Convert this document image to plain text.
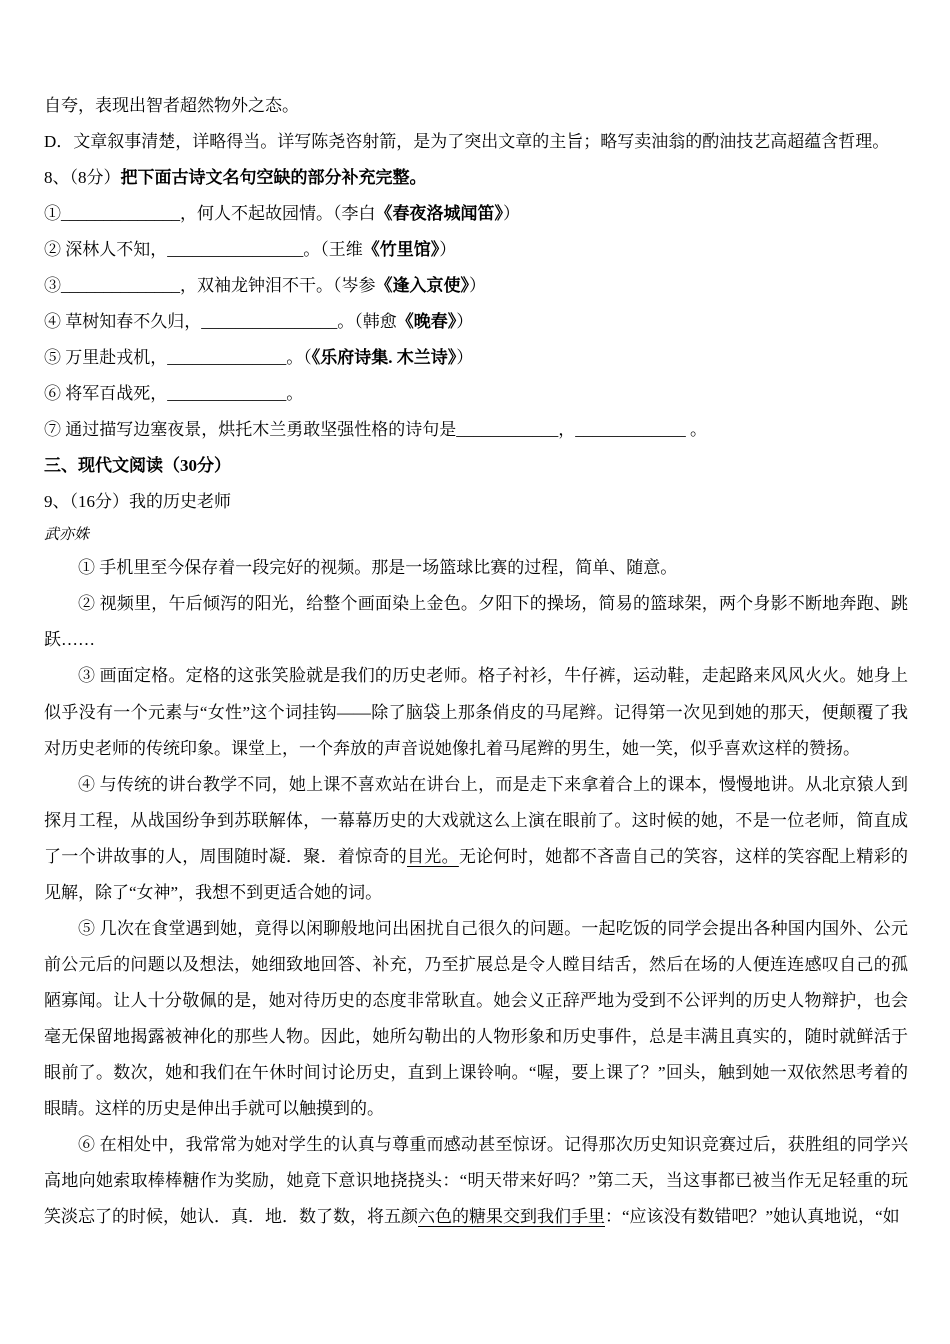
自夸，表现出智者超然物外之态。

D．文章叙事清楚，详略得当。详写陈尧咨射箭，是为了突出文章的主旨；略写卖油翁的酌油技艺高超蕴含哲理。

8、（8分）把下面古诗文名句空缺的部分补充完整。

①______________，何人不起故园情。（李白《春夜洛城闻笛》）

② 深林人不知，________________。（王维《竹里馆》）

③______________，双袖龙钟泪不干。（岑参《逢入京使》）

④ 草树知春不久归，________________。（韩愈《晚春》）

⑤ 万里赴戎机，______________。（《乐府诗集. 木兰诗》）

⑥ 将军百战死，______________。

⑦ 通过描写边塞夜景，烘托木兰勇敢坚强性格的诗句是____________，_____________ 。

三、现代文阅读（30分）

9、（16分）我的历史老师

武亦姝

① 手机里至今保存着一段完好的视频。那是一场篮球比赛的过程，简单、随意。

② 视频里，午后倾泻的阳光，给整个画面染上金色。夕阳下的操场，简易的篮球架，两个身影不断地奔跑、跳跃……

③ 画面定格。定格的这张笑脸就是我们的历史老师。格子衬衫，牛仔裤，运动鞋，走起路来风风火火。她身上似乎没有一个元素与“女性”这个词挂钩——除了脑袋上那条俏皮的马尾辫。记得第一次见到她的那天，便颠覆了我对历史老师的传统印象。课堂上，一个奔放的声音说她像扎着马尾辫的男生，她一笑，似乎喜欢这样的赞扬。

④ 与传统的讲台教学不同，她上课不喜欢站在讲台上，而是走下来拿着合上的课本，慢慢地讲。从北京猿人到探月工程，从战国纷争到苏联解体，一幕幕历史的大戏就这么上演在眼前了。这时候的她，不是一位老师，简直成了一个讲故事的人，周围随时凝．聚．着惊奇的目光。无论何时，她都不吝啬自己的笑容，这样的笑容配上精彩的见解，除了“女神”，我想不到更适合她的词。

⑤ 几次在食堂遇到她，竟得以闲聊般地问出困扰自己很久的问题。一起吃饭的同学会提出各种国内国外、公元前公元后的问题以及想法，她细致地回答、补充，乃至扩展总是令人瞠目结舌，然后在场的人便连连感叹自己的孤陋寡闻。让人十分敬佩的是，她对待历史的态度非常耿直。她会义正辞严地为受到不公评判的历史人物辩护，也会毫无保留地揭露被神化的那些人物。因此，她所勾勒出的人物形象和历史事件，总是丰满且真实的，随时就鲜活于眼前了。数次，她和我们在午休时间讨论历史，直到上课铃响。“喔，要上课了？”回头，触到她一双依然思考着的眼睛。这样的历史是伸出手就可以触摸到的。

⑥ 在相处中，我常常为她对学生的认真与尊重而感动甚至惊讶。记得那次历史知识竞赛过后，获胜组的同学兴高地向她索取棒棒糖作为奖励，她竟下意识地挠挠头：“明天带来好吗？”第二天，当这事都已被当作无足轻重的玩笑淡忘了的时候，她认．真．地．数了数，将五颜六色的糖果交到我们手里：“应该没有数错吧？”她认真地说，“如
